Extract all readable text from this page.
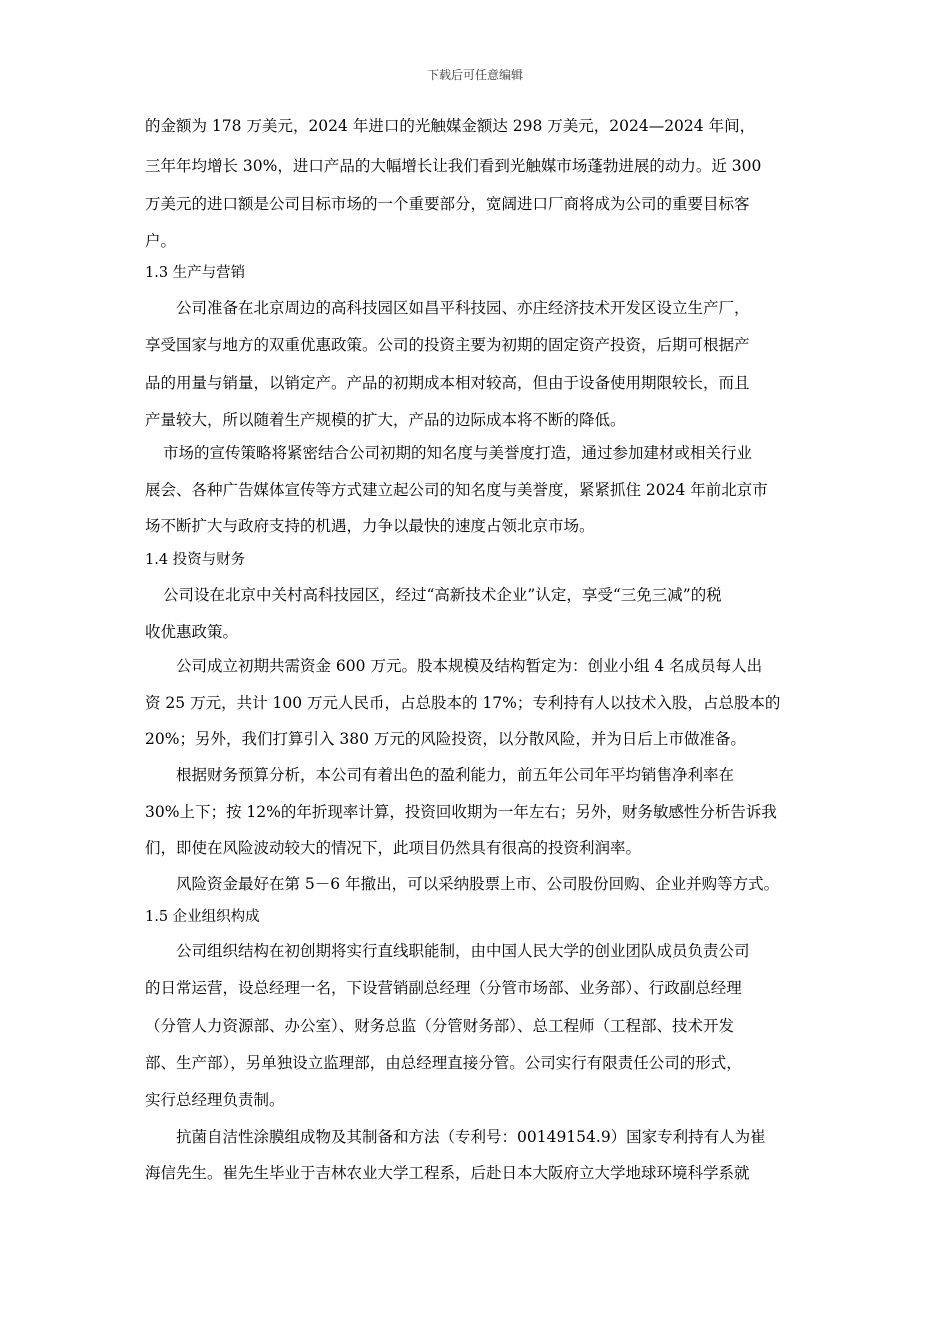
下载后可任意编辑
的金额为 178 万美元，2024 年进口的光触媒金额达 298 万美元，2024—2024 年间，
三年年均增长 30%，进口产品的大幅增长让我们看到光触媒市场蓬勃进展的动力。近 300
万美元的进口额是公司目标市场的一个重要部分，宽阔进口厂商将成为公司的重要目标客
户。
1.3 生产与营销
公司准备在北京周边的高科技园区如昌平科技园、亦庄经济技术开发区设立生产厂，
享受国家与地方的双重优惠政策。公司的投资主要为初期的固定资产投资，后期可根据产
品的用量与销量，以销定产。产品的初期成本相对较高，但由于设备使用期限较长，而且
产量较大，所以随着生产规模的扩大，产品的边际成本将不断的降低。
市场的宣传策略将紧密结合公司初期的知名度与美誉度打造，通过参加建材或相关行业
展会、各种广告媒体宣传等方式建立起公司的知名度与美誉度，紧紧抓住 2024 年前北京市
场不断扩大与政府支持的机遇，力争以最快的速度占领北京市场。
1.4 投资与财务
公司设在北京中关村高科技园区，经过“高新技术企业”认定，享受“三免三减”的税
收优惠政策。
公司成立初期共需资金 600 万元。股本规模及结构暂定为：创业小组 4 名成员每人出
资 25 万元，共计 100 万元人民币，占总股本的 17%；专利持有人以技术入股，占总股本的
20%；另外，我们打算引入 380 万元的风险投资，以分散风险，并为日后上市做准备。
根据财务预算分析，本公司有着出色的盈利能力，前五年公司年平均销售净利率在
30%上下；按 12%的年折现率计算，投资回收期为一年左右；另外，财务敏感性分析告诉我
们，即使在风险波动较大的情况下，此项目仍然具有很高的投资利润率。
风险资金最好在第 5－6 年撤出，可以采纳股票上市、公司股份回购、企业并购等方式。
1.5 企业组织构成
公司组织结构在初创期将实行直线职能制，由中国人民大学的创业团队成员负责公司
的日常运营，设总经理一名，下设营销副总经理（分管市场部、业务部）、行政副总经理
（分管人力资源部、办公室）、财务总监（分管财务部）、总工程师（工程部、技术开发
部、生产部），另单独设立监理部，由总经理直接分管。公司实行有限责任公司的形式，
实行总经理负责制。
抗菌自洁性涂膜组成物及其制备和方法（专利号：00149154.9）国家专利持有人为崔
海信先生。崔先生毕业于吉林农业大学工程系，后赴日本大阪府立大学地球环境科学系就
